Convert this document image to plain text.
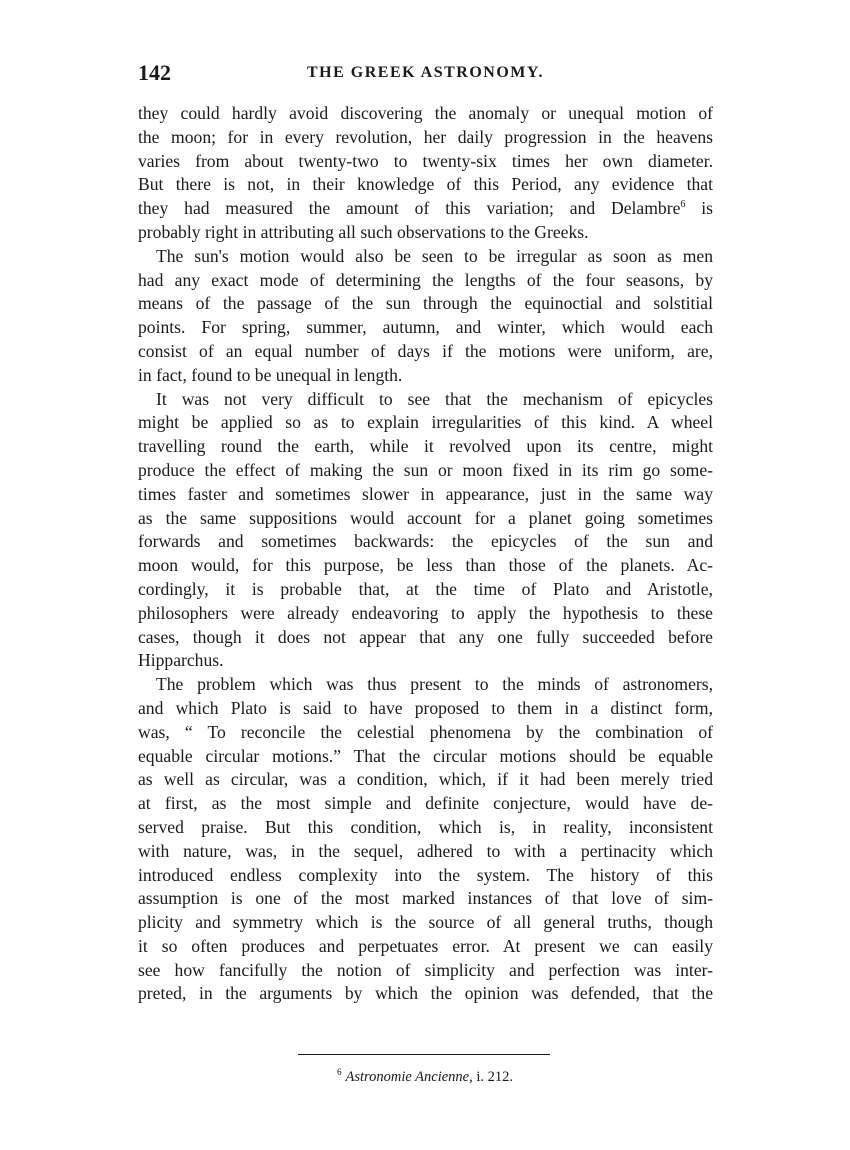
142	THE GREEK ASTRONOMY.
they could hardly avoid discovering the anomaly or unequal motion of
the moon; for in every revolution, her daily progression in the heavens
varies from about twenty-two to twenty-six times her own diameter.
But there is not, in their knowledge of this Period, any evidence that
they had measured the amount of this variation; and Delambre$^6$ is
probably right in attributing all such observations to the Greeks.
The sun's motion would also be seen to be irregular as soon as men
had any exact mode of determining the lengths of the four seasons, by
means of the passage of the sun through the equinoctial and solstitial
points. For spring, summer, autumn, and winter, which would each
consist of an equal number of days if the motions were uniform, are,
in fact, found to be unequal in length.
It was not very difficult to see that the mechanism of epicycles
might be applied so as to explain irregularities of this kind. A wheel
travelling round the earth, while it revolved upon its centre, might
produce the effect of making the sun or moon fixed in its rim go some-
times faster and sometimes slower in appearance, just in the same way
as the same suppositions would account for a planet going sometimes
forwards and sometimes backwards: the epicycles of the sun and
moon would, for this purpose, be less than those of the planets. Ac-
cordingly, it is probable that, at the time of Plato and Aristotle,
philosophers were already endeavoring to apply the hypothesis to these
cases, though it does not appear that any one fully succeeded before
Hipparchus.
The problem which was thus present to the minds of astronomers,
and which Plato is said to have proposed to them in a distinct form,
was, “ To reconcile the celestial phenomena by the combination of
equable circular motions.” That the circular motions should be equable
as well as circular, was a condition, which, if it had been merely tried
at first, as the most simple and definite conjecture, would have de-
served praise. But this condition, which is, in reality, inconsistent
with nature, was, in the sequel, adhered to with a pertinacity which
introduced endless complexity into the system. The history of this
assumption is one of the most marked instances of that love of sim-
plicity and symmetry which is the source of all general truths, though
it so often produces and perpetuates error. At present we can easily
see how fancifully the notion of simplicity and perfection was inter-
preted, in the arguments by which the opinion was defended, that the
$^6$ Astronomie Ancienne, i. 212.
